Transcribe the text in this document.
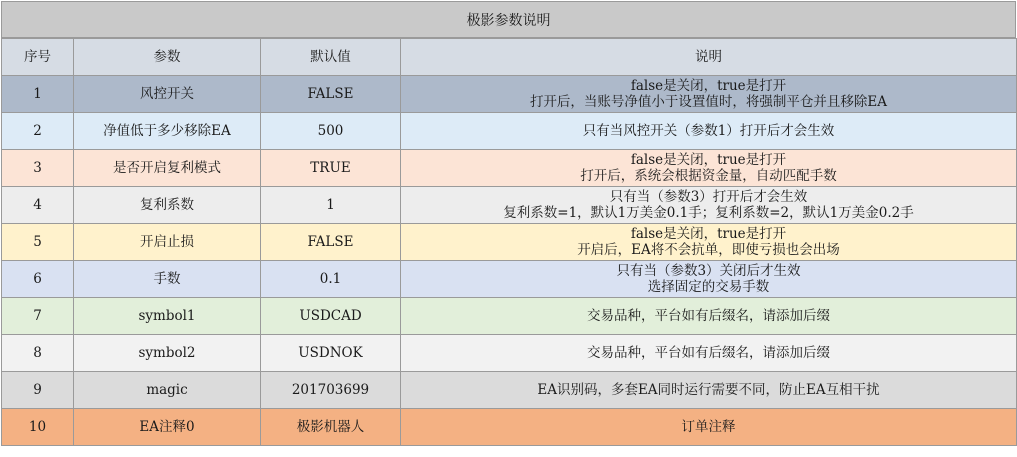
极影参数说明
序号	参数	默认值	说明
1	风控开关	FALSE	false是关闭，true是打开
打开后，当账号净值小于设置值时，将强制平仓并且移除EA

2	净值低于多少移除EA	500	只有当风控开关（参数1）打开后才会生效

3	是否开启复利模式	TRUE	false是关闭，true是打开
打开后，系统会根据资金量，自动匹配手数

4	复利系数	1	只有当（参数3）打开后才会生效
复利系数=1，默认1万美金0.1手；复利系数=2，默认1万美金0.2手

5	开启止损	FALSE	false是关闭，true是打开
开启后，EA将不会抗单，即使亏损也会出场

6	手数	0.1	只有当（参数3）关闭后才生效
选择固定的交易手数

7	symbol1	USDCAD	交易品种，平台如有后缀名，请添加后缀

8	symbol2	USDNOK	交易品种，平台如有后缀名，请添加后缀

9	magic	201703699	EA识别码，多套EA同时运行需要不同，防止EA互相干扰

10	EA注释0	极影机器人	订单注释
